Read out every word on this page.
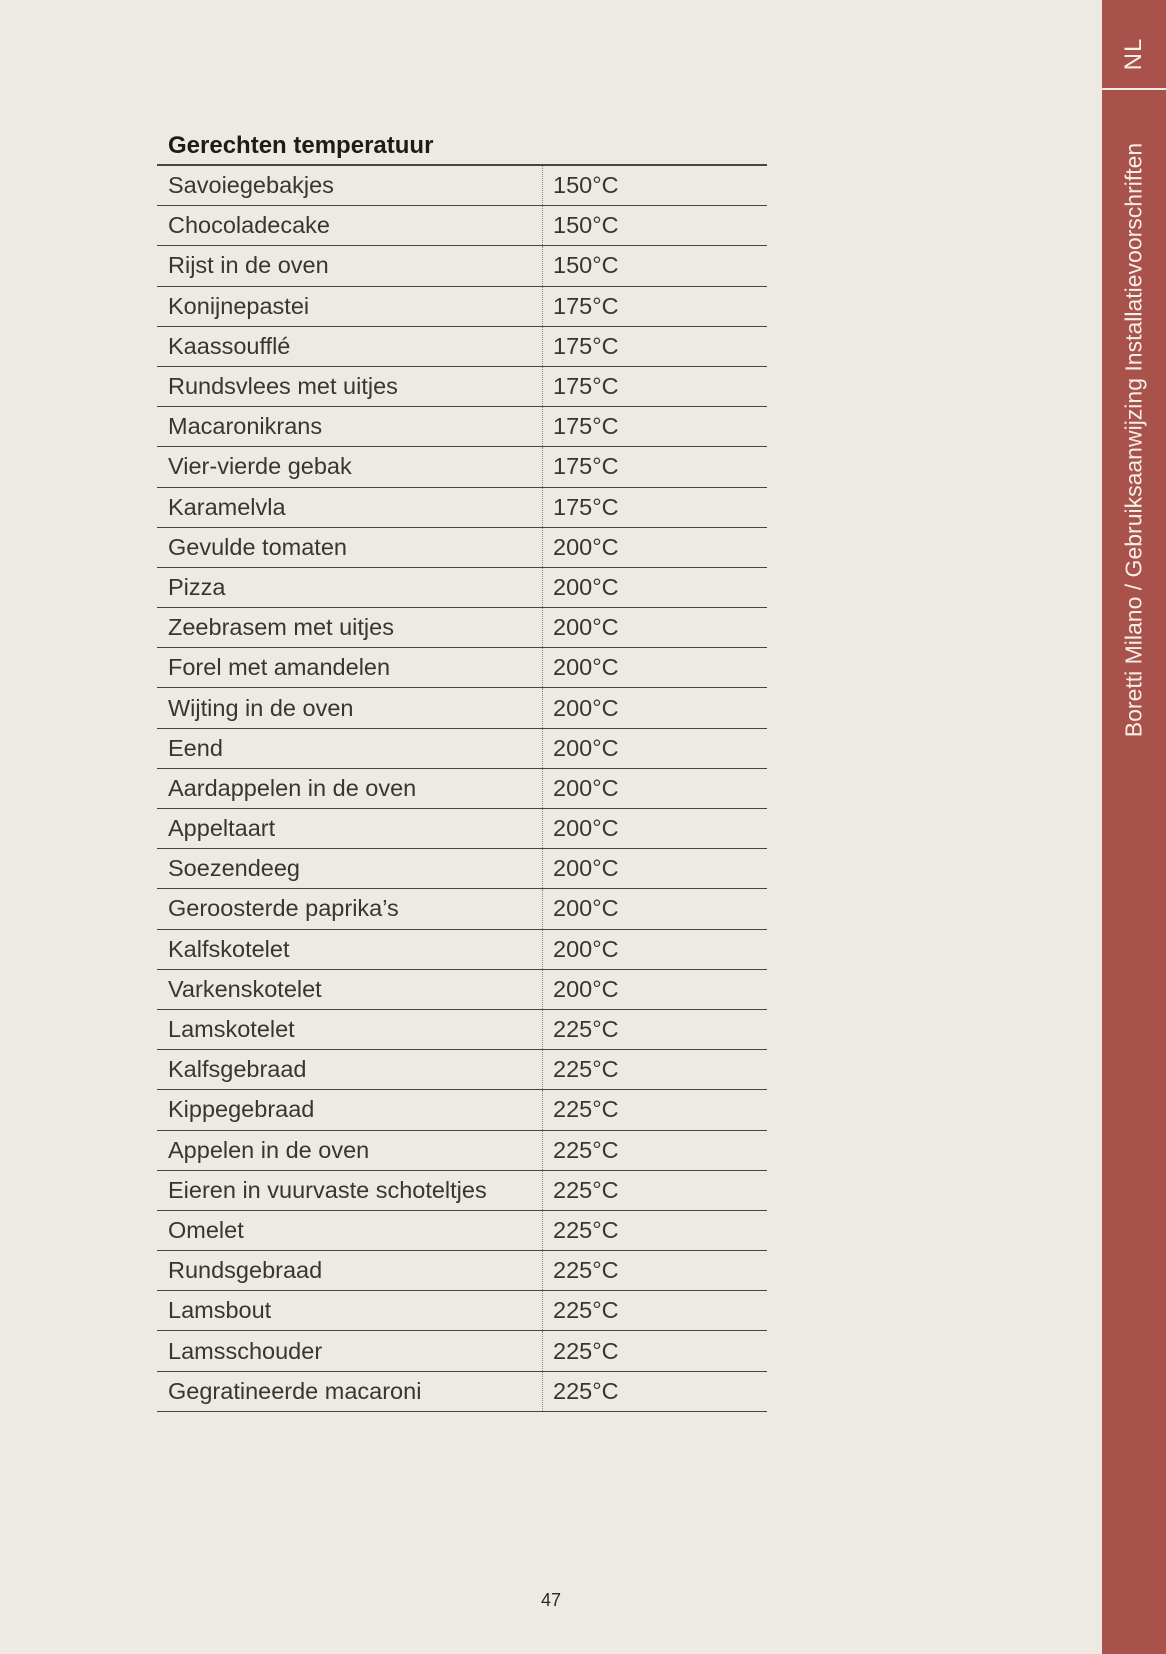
NL
Boretti Milano / Gebruiksaanwijzing Installatievoorschriften
Gerechten temperatuur
Savoiegebakjes	150°C
Chocoladecake	150°C
Rijst in de oven	150°C
Konijnepastei	175°C
Kaassoufflé	175°C
Rundsvlees met uitjes	175°C
Macaronikrans	175°C
Vier-vierde gebak	175°C
Karamelvla	175°C
Gevulde tomaten	200°C
Pizza	200°C
Zeebrasem met uitjes	200°C
Forel met amandelen	200°C
Wijting in de oven	200°C
Eend	200°C
Aardappelen in de oven	200°C
Appeltaart	200°C
Soezendeeg	200°C
Geroosterde paprika’s	200°C
Kalfskotelet	200°C
Varkenskotelet	200°C
Lamskotelet	225°C
Kalfsgebraad	225°C
Kippegebraad	225°C
Appelen in de oven	225°C
Eieren in vuurvaste schoteltjes	225°C
Omelet	225°C
Rundsgebraad	225°C
Lamsbout	225°C
Lamsschouder	225°C
Gegratineerde macaroni	225°C
47
